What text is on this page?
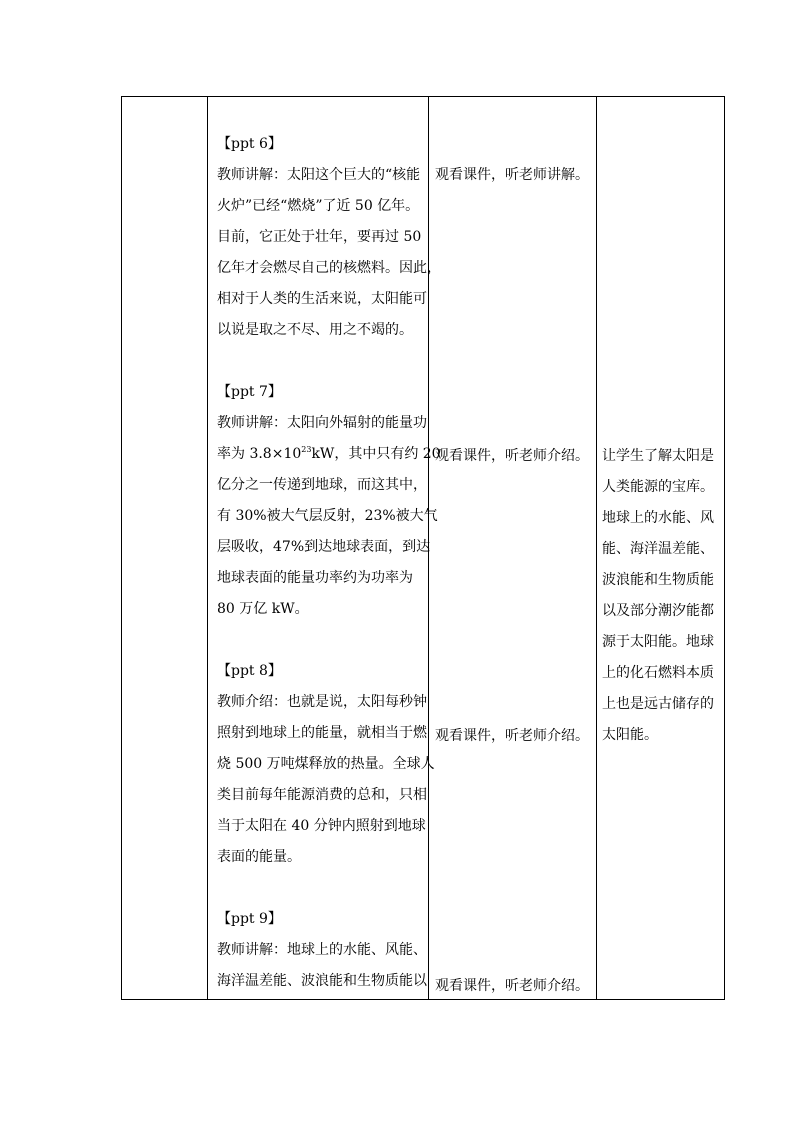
【ppt 6】
教师讲解：太阳这个巨大的“核能
火炉”已经“燃烧”了近 50 亿年。
目前，它正处于壮年，要再过 50
亿年才会燃尽自己的核燃料。因此，
相对于人类的生活来说，太阳能可
以说是取之不尽、用之不竭的。
【ppt 7】
教师讲解：太阳向外辐射的能量功
率为 $3.8\times 10^{23}kW$，其中只有约 20
亿分之一传递到地球，而这其中，
有 30%被大气层反射，23%被大气
层吸收，47%到达地球表面，到达
地球表面的能量功率约为功率为
80 万亿 kW。
【ppt 8】
教师介绍：也就是说，太阳每秒钟
照射到地球上的能量，就相当于燃
烧 500 万吨煤释放的热量。全球人
类目前每年能源消费的总和，只相
当于太阳在 40 分钟内照射到地球
表面的能量。
【ppt 9】
教师讲解：地球上的水能、风能、
海洋温差能、波浪能和生物质能以
观看课件，听老师讲解。
观看课件，听老师介绍。
观看课件，听老师介绍。
观看课件，听老师介绍。
让学生了解太阳是
人类能源的宝库。
地球上的水能、风
能、海洋温差能、
波浪能和生物质能
以及部分潮汐能都
源于太阳能。地球
上的化石燃料本质
上也是远古储存的
太阳能。
